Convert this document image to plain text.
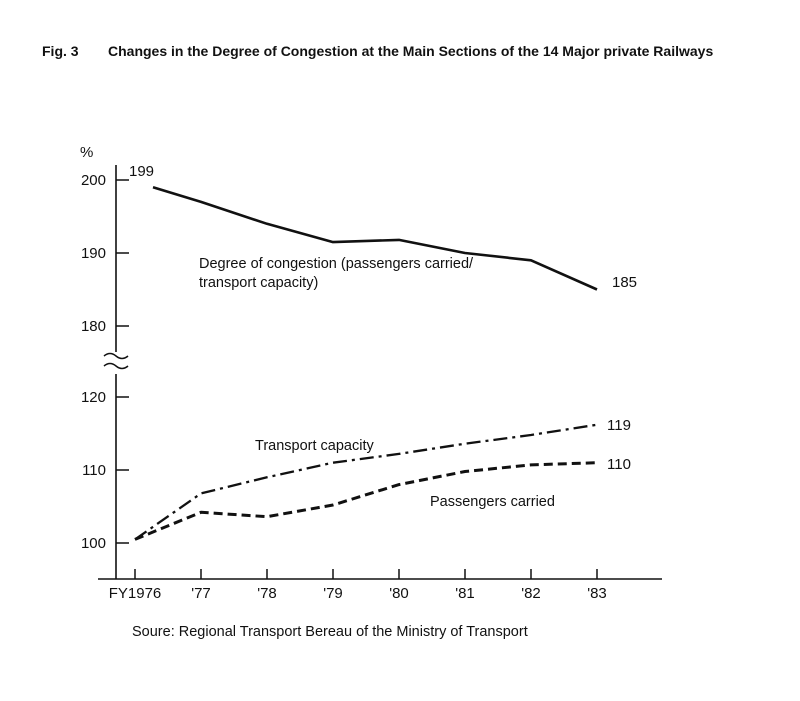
Fig. 3 Changes in the Degree of Congestion at the Main Sections of the 14 Major private Railways
%
100
110
120
180
190
200
FY1976 '77	'78	'79	'80	'81	'82	'83
199
185
119
110
Degree of congestion (passengers carried/
transport capacity)
Transport capacity
Passengers carried
Soure: Regional Transport Bereau of the Ministry of Transport
